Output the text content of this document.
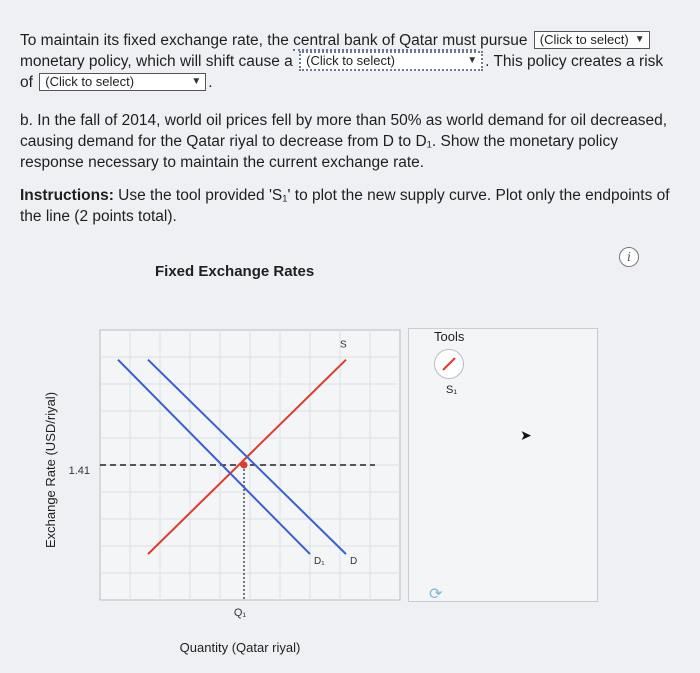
To maintain its fixed exchange rate, the central bank of Qatar must pursue (Click to select) ▼

monetary policy, which will shift cause a (Click to select)	▼ . This policy creates a risk
of (Click to select)	▼ .
b. In the fall of 2014, world oil prices fell by more than 50% as world demand for oil decreased, causing demand for the Qatar riyal to decrease from D to D₁. Show the monetary policy response necessary to maintain the current exchange rate.
Instructions: Use the tool provided 'S₁' to plot the new supply curve. Plot only the endpoints of the line (2 points total).
Fixed Exchange Rates
i
1.41
Q₁
Quantity (Qatar riyal)
Exchange Rate (USD/riyal)
S
D
D₁
Tools
S₁
➤
⟳
